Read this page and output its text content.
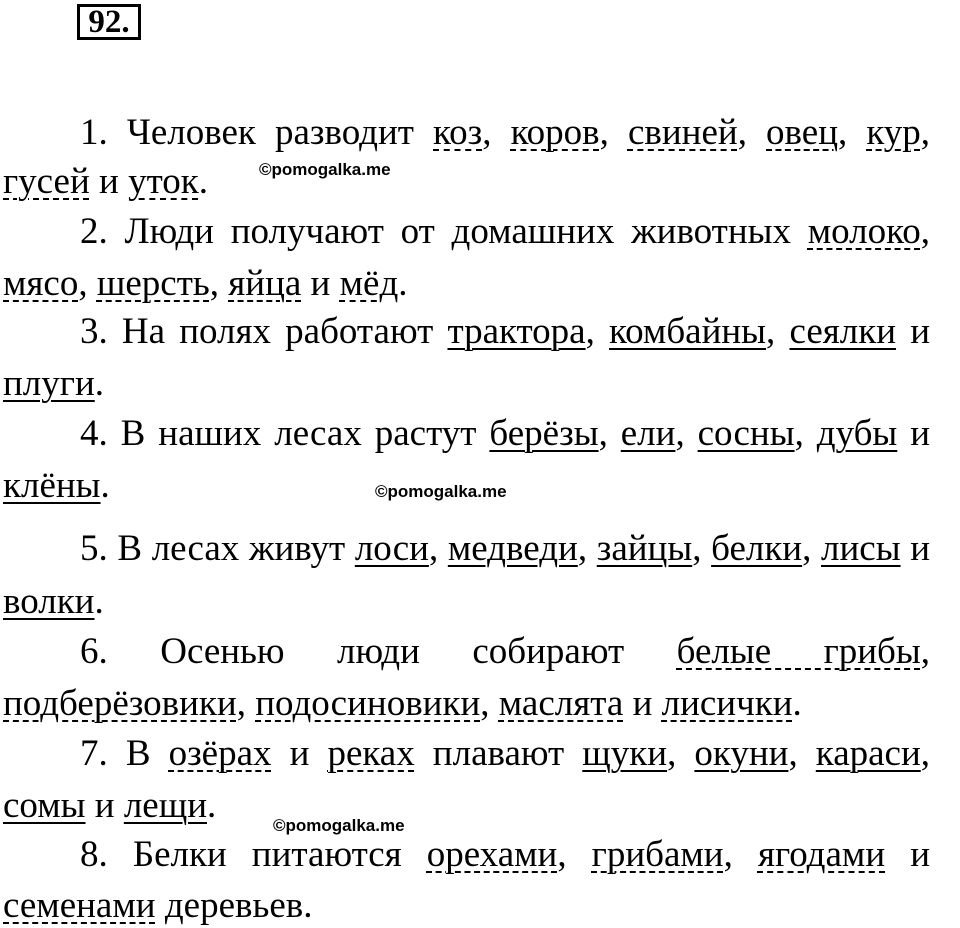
92.
1. Человек разводит коз, коров, свиней, овец, кур,
гусей и уток.
2. Люди получают от домашних животных молоко,
мясо, шерсть, яйца и мёд.
3. На полях работают трактора, комбайны, сеялки и
плуги.
4. В наших лесах растут берёзы, ели, сосны, дубы и
клёны.
5. В лесах живут лоси, медведи, зайцы, белки, лисы и
волки.
6. Осенью люди собирают белые грибы,
подберёзовики, подосиновики, маслята и лисички.
7. В озёрах и реках плавают щуки, окуни, караси,
сомы и лещи.
8. Белки питаются орехами, грибами, ягодами и
семенами деревьев.
©pomogalka.me
©pomogalka.me
©pomogalka.me
